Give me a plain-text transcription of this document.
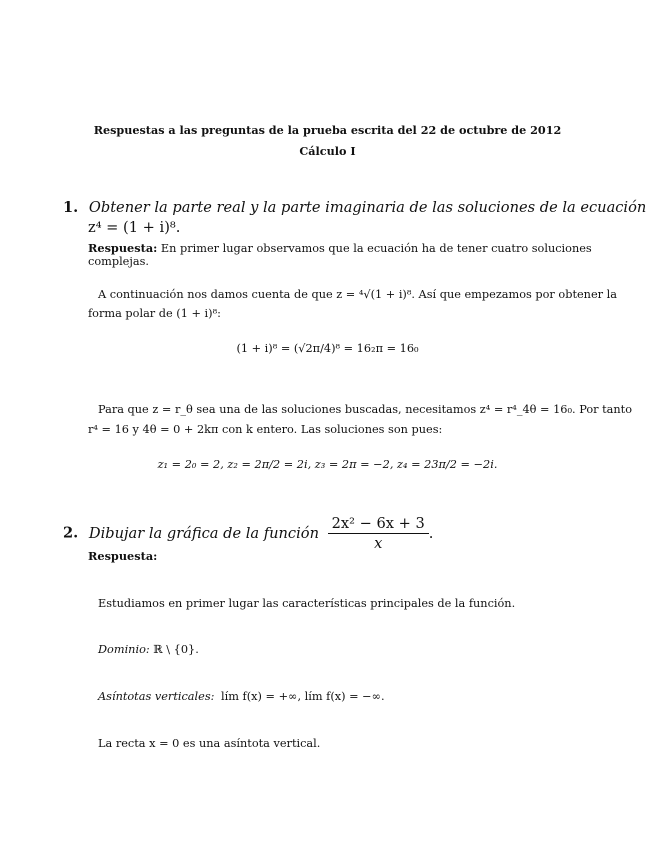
Respuestas a las preguntas de la prueba escrita del 22 de octubre de 2012
Cálculo I
1. Obtener la parte real y la parte imaginaria de las soluciones de la ecuación
z⁴ = (1 + i)⁸.
Respuesta: En primer lugar observamos que la ecuación ha de tener cuatro soluciones complejas.
A continuación nos damos cuenta de que z = ⁴√(1 + i)⁸. Así que empezamos por obtener la
forma polar de (1 + i)⁸:
(1 + i)⁸ = (√2π/4)⁸ = 16₂π = 16₀
Para que z = r_θ sea una de las soluciones buscadas, necesitamos z⁴ = r⁴_4θ = 16₀. Por tanto
r⁴ = 16 y 4θ = 0 + 2kπ con k entero. Las soluciones son pues:
z₁ = 2₀ = 2, z₂ = 2π/2 = 2i, z₃ = 2π = −2, z₄ = 23π/2 = −2i.
2. Dibujar la gráfica de la función $\frac{\text{2x² − 6x + 3}}{x}$ .
Respuesta:
Estudiamos en primer lugar las características principales de la función.
Dominio: ℝ \ {0}.
Asíntotas verticales: lím f(x) = +∞, lím f(x) = −∞.
La recta x = 0 es una asíntota vertical.
